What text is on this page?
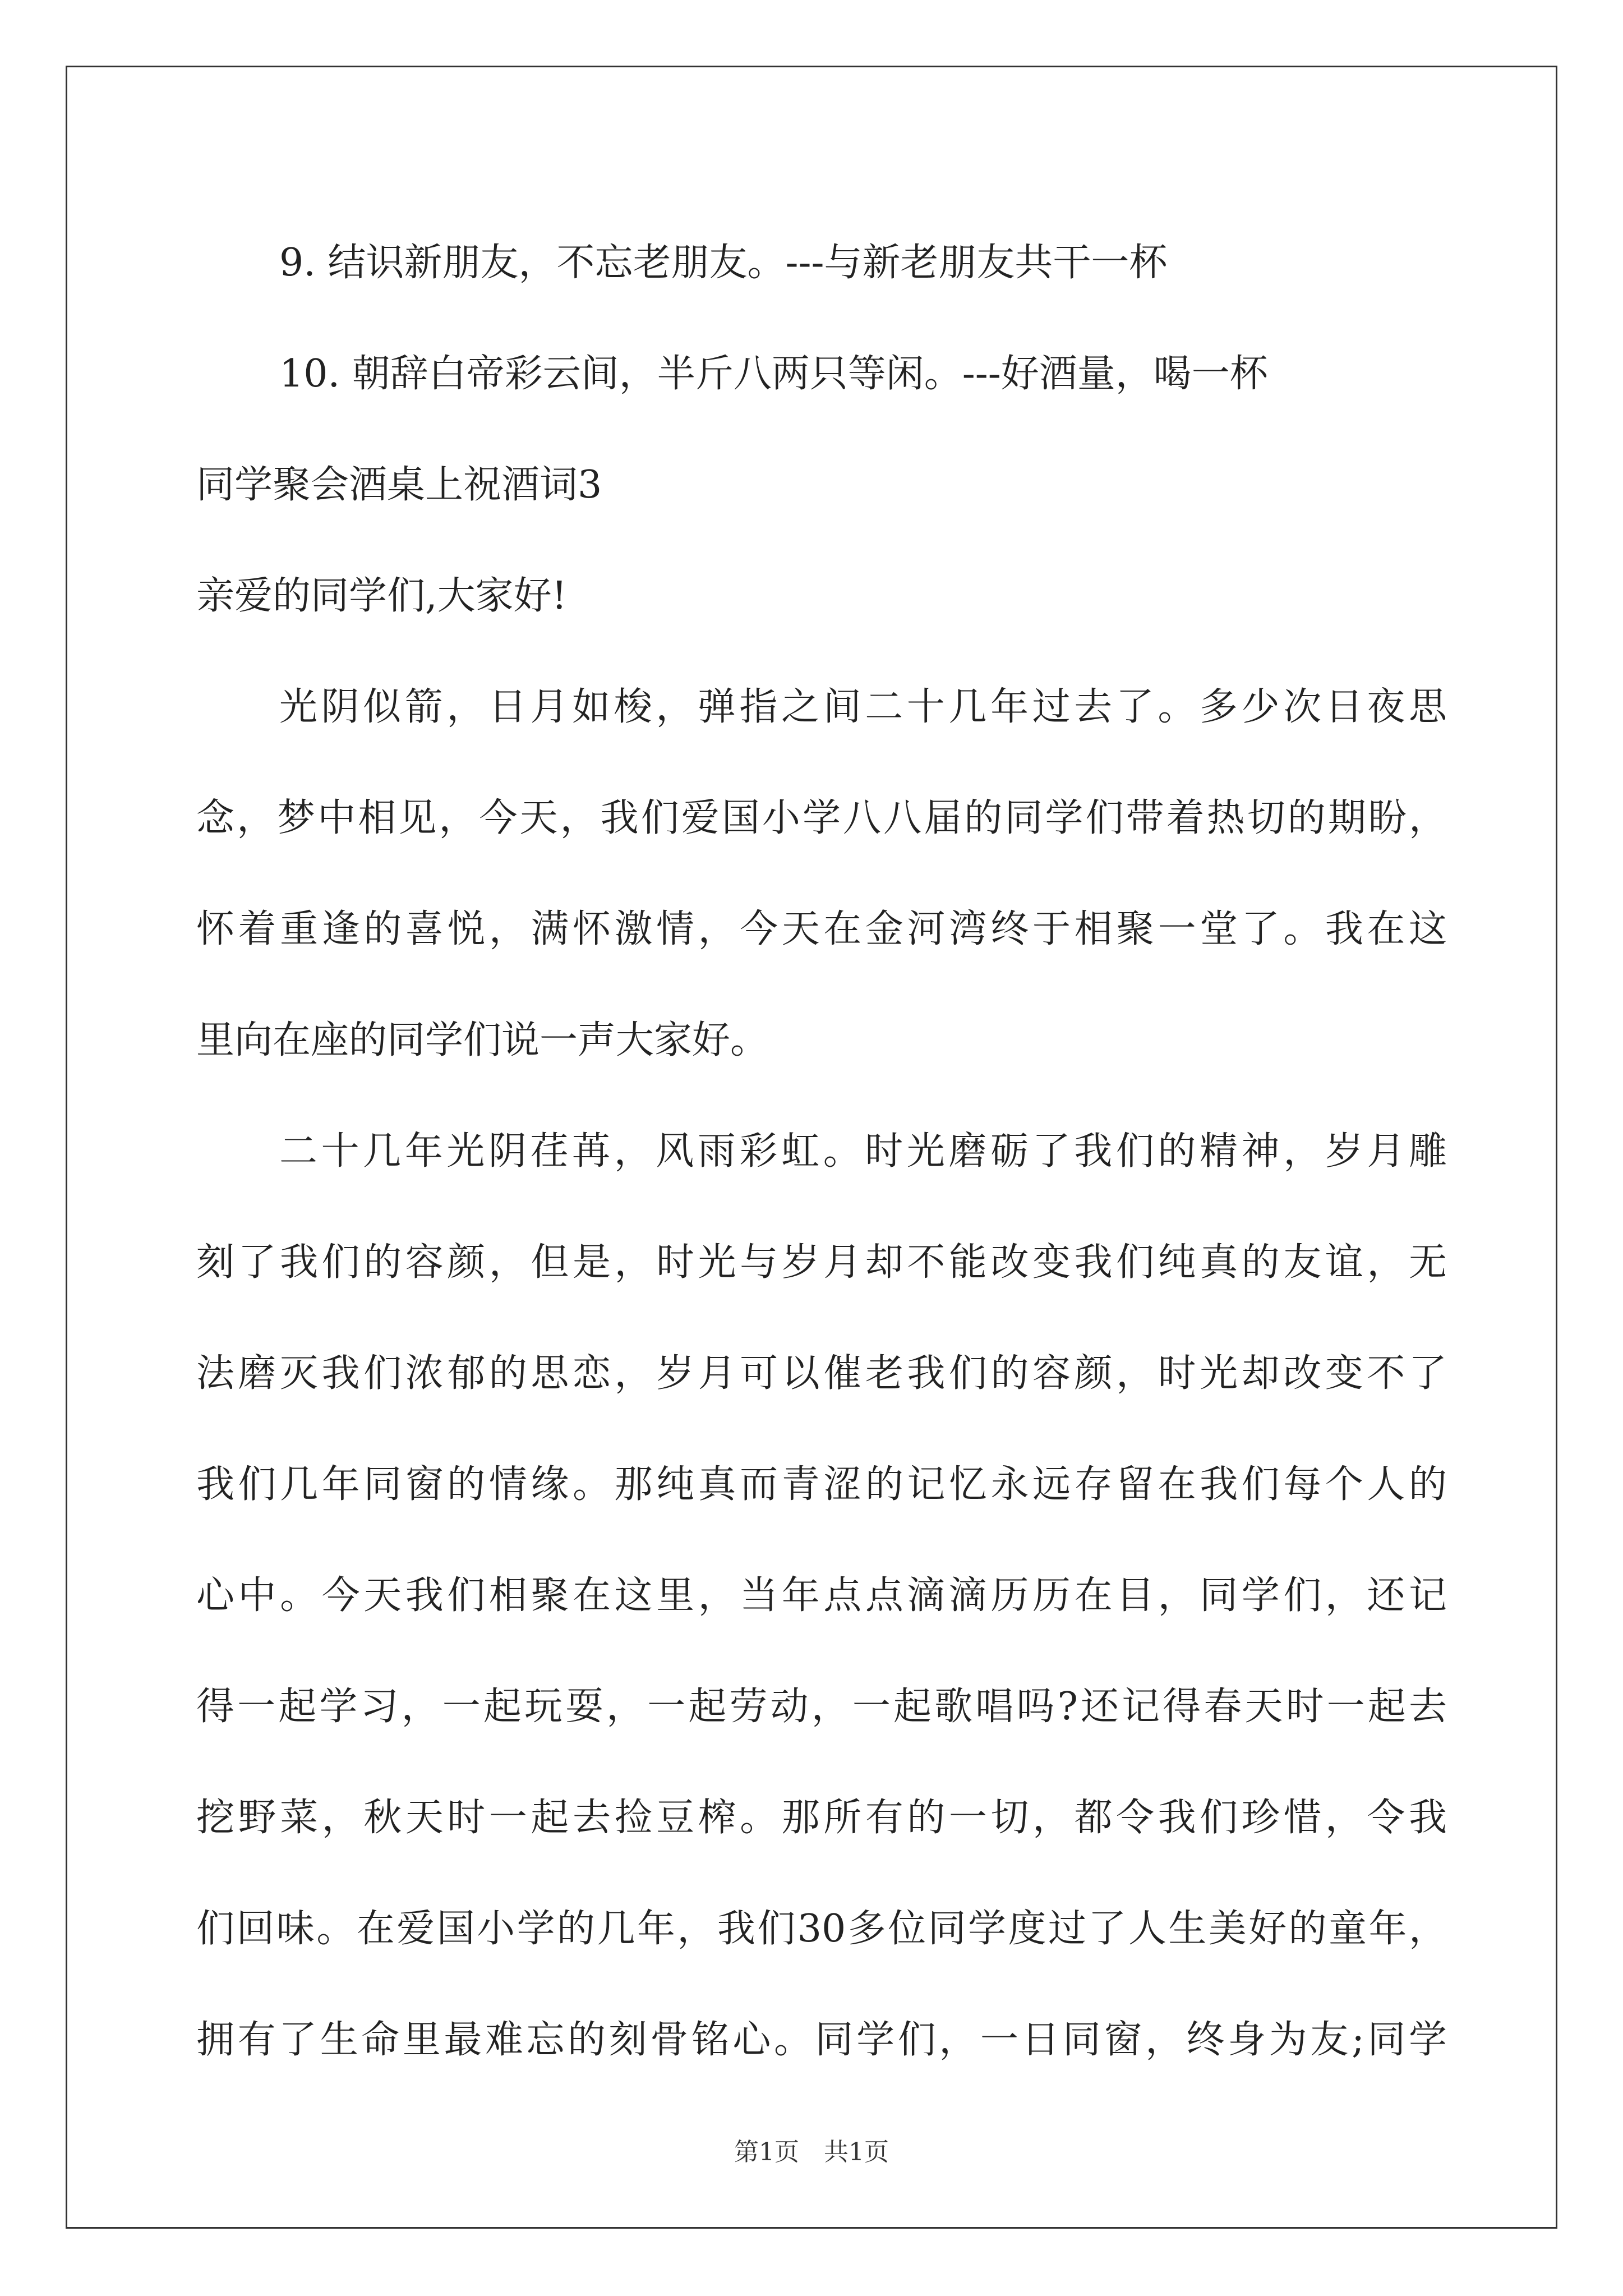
9. 结识新朋友，不忘老朋友。---与新老朋友共干一杯
10. 朝辞白帝彩云间，半斤八两只等闲。---好酒量，喝一杯
同学聚会酒桌上祝酒词3
亲爱的同学们,大家好!
光阴似箭，日月如梭，弹指之间二十几年过去了。多少次日夜思
念，梦中相见，今天，我们爱国小学八八届的同学们带着热切的期盼，
怀着重逢的喜悦，满怀激情，今天在金河湾终于相聚一堂了。我在这
里向在座的同学们说一声大家好。
二十几年光阴荏苒，风雨彩虹。时光磨砺了我们的精神，岁月雕
刻了我们的容颜，但是，时光与岁月却不能改变我们纯真的友谊，无
法磨灭我们浓郁的思恋，岁月可以催老我们的容颜，时光却改变不了
我们几年同窗的情缘。那纯真而青涩的记忆永远存留在我们每个人的
心中。今天我们相聚在这里，当年点点滴滴历历在目，同学们，还记
得一起学习，一起玩耍，一起劳动，一起歌唱吗?还记得春天时一起去
挖野菜，秋天时一起去捡豆榨。那所有的一切，都令我们珍惜，令我
们回味。在爱国小学的几年，我们30多位同学度过了人生美好的童年，
拥有了生命里最难忘的刻骨铭心。同学们，一日同窗，终身为友;同学
第1页　共1页
